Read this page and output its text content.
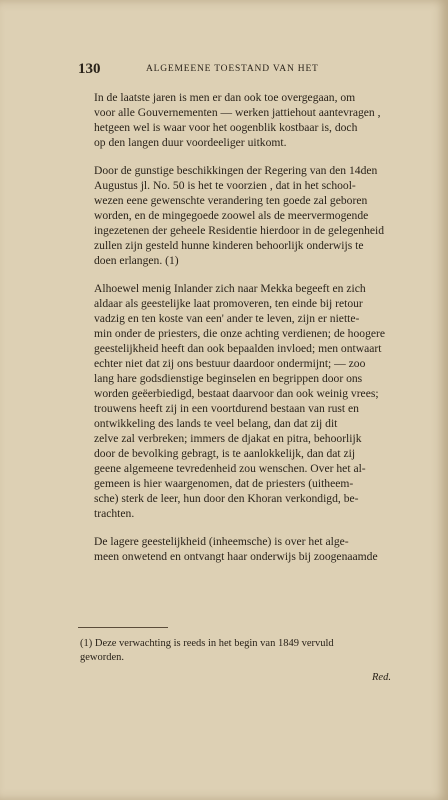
130	ALGEMEENE TOESTAND VAN HET

In de laatste jaren is men er dan ook toe overgegaan, om
voor alle Gouvernementen — werken jattiehout aantevragen ,
hetgeen wel is waar voor het oogenblik kostbaar is, doch
op den langen duur voordeeliger uitkomt.

Door de gunstige beschikkingen der Regering van den 14den
Augustus jl. No. 50 is het te voorzien , dat in het school-
wezen eene gewenschte verandering ten goede zal geboren
worden, en de mingegoede zoowel als de meervermogende
ingezetenen der geheele Residentie hierdoor in de gelegenheid
zullen zijn gesteld hunne kinderen behoorlijk onderwijs te
doen erlangen. (1)

Alhoewel menig Inlander zich naar Mekka begeeft en zich
aldaar als geestelijke laat promoveren, ten einde bij retour
vadzig en ten koste van een' ander te leven, zijn er niette-
min onder de priesters, die onze achting verdienen; de hoogere
geestelijkheid heeft dan ook bepaalden invloed; men ontwaart
echter niet dat zij ons bestuur daardoor ondermijnt; — zoo
lang hare godsdienstige beginselen en begrippen door ons
worden geëerbiedigd, bestaat daarvoor dan ook weinig vrees;
trouwens heeft zij in een voortdurend bestaan van rust en
ontwikkeling des lands te veel belang, dan dat zij dit
zelve zal verbreken; immers de djakat en pitra, behoorlijk
door de bevolking gebragt, is te aanlokkelijk, dan dat zij
geene algemeene tevredenheid zou wenschen. Over het al-
gemeen is hier waargenomen, dat de priesters (uitheem-
sche) sterk de leer, hun door den Khoran verkondigd, be-
trachten.

De lagere geestelijkheid (inheemsche) is over het alge-
meen onwetend en ontvangt haar onderwijs bij zoogenaamde

(1) Deze verwachting is reeds in het begin van 1849 vervuld
geworden.
Red.
